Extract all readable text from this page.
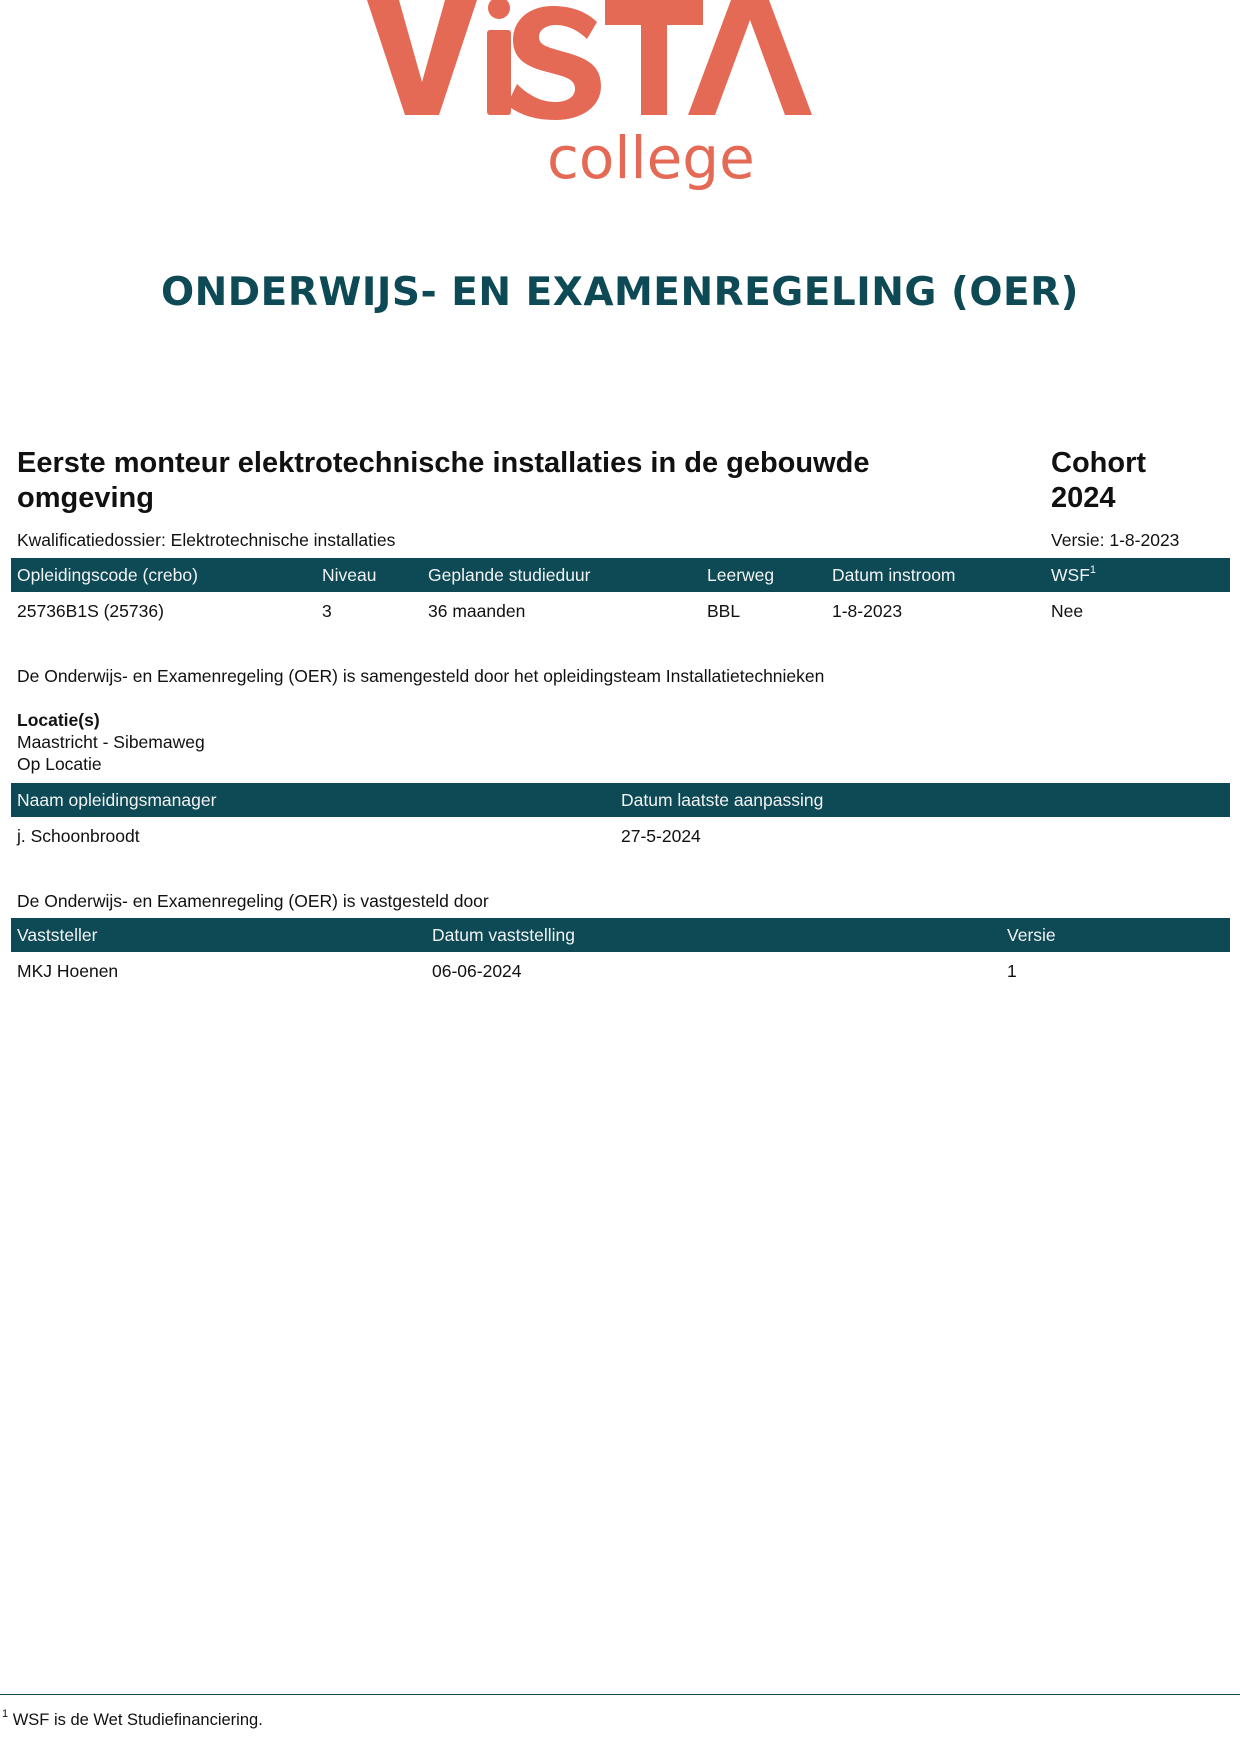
college
ONDERWIJS- EN EXAMENREGELING (OER)
Eerste monteur elektrotechnische installaties in de gebouwde omgeving
Cohort
2024
Kwalificatiedossier: Elektrotechnische installaties	Versie: 1-8-2023
Opleidingscode (crebo)	Niveau	Geplande studieduur	Leerweg	Datum instroom	WSF$^1$
25736B1S (25736)	3	36 maanden	BBL	1-8-2023	Nee
De Onderwijs- en Examenregeling (OER) is samengesteld door het opleidingsteam Installatietechnieken
Locatie(s)
Maastricht - Sibemaweg
Op Locatie
Naam opleidingsmanager	Datum laatste aanpassing
j. Schoonbroodt	27-5-2024
De Onderwijs- en Examenregeling (OER) is vastgesteld door
Vaststeller	Datum vaststelling	Versie
MKJ Hoenen	06-06-2024	1
$^1$ WSF is de Wet Studiefinanciering.
